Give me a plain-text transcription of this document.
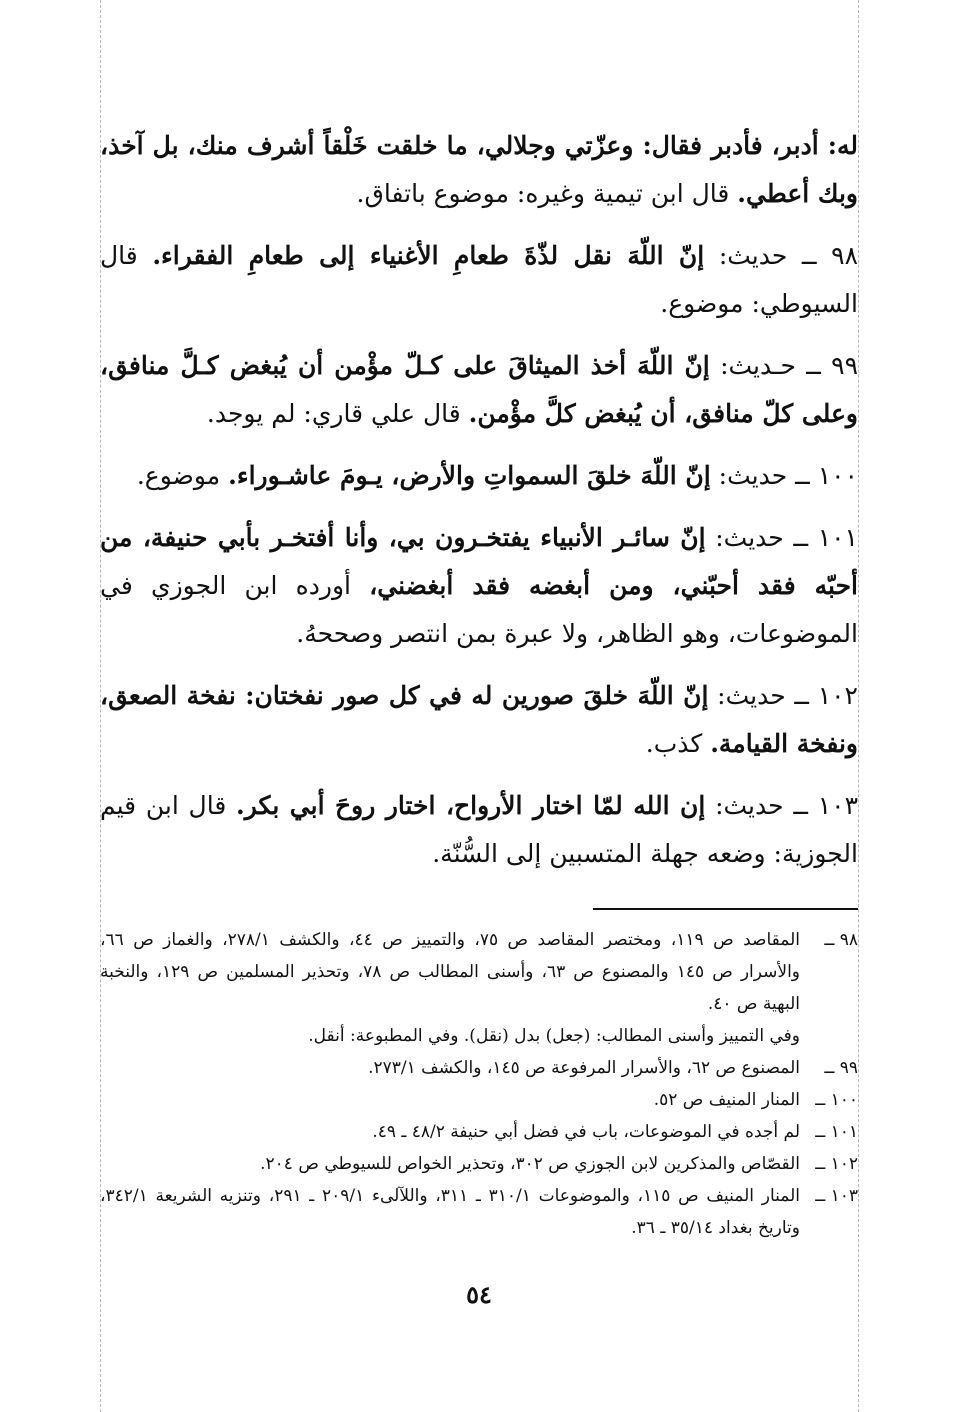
له: أدبر، فأدبر فقال: وعزّتي وجلالي، ما خلقت خَلْقاً أشرف منك، بل آخذ، وبك أعطي. قال ابن تيمية وغيره: موضوع باتفاق.

٩٨ ــ حديث: إنّ اللّهَ نقل لذّةَ طعامِ الأغنياء إلى طعامِ الفقراء. قال السيوطي: موضوع.

٩٩ ــ حـديث: إنّ اللّهَ أخذ الميثاقَ على كـلّ مؤْمن أن يُبغض كـلَّ منافق، وعلى كلّ منافق، أن يُبغض كلَّ مؤْمن. قال علي قاري: لم يوجد.

١٠٠ ــ حديث: إنّ اللّهَ خلقَ السمواتِ والأرض، يـومَ عاشـوراء. موضوع.

١٠١ ــ حديث: إنّ سائـر الأنبياء يفتخـرون بي، وأنا أفتخـر بأبي حنيفة، من أحبّه فقد أحبّني، ومن أبغضه فقد أبغضني، أورده ابن الجوزي في الموضوعات، وهو الظاهر، ولا عبرة بمن انتصر وصححهُ.

١٠٢ ــ حديث: إنّ اللّهَ خلقَ صورين له في كل صور نفختان: نفخة الصعق، ونفخة القيامة. كذب.

١٠٣ ــ حديث: إن الله لمّا اختار الأرواح، اختار روحَ أبي بكر. قال ابن قيم الجوزية: وضعه جهلة المتسبين إلى السُّنّة.

٩٨ ــ
المقاصد ص ١١٩، ومختصر المقاصد ص ٧٥، والتمييز ص ٤٤، والكشف ٢٧٨/١، والغماز ص ٦٦، والأسرار ص ١٤٥ والمصنوع ص ٦٣، وأسنى المطالب ص ٧٨، وتحذير المسلمين ص ١٢٩، والنخبة البهية ص ٤٠.
وفي التمييز وأسنى المطالب: (جعل) بدل (نقل). وفي المطبوعة: أنقل.
٩٩ ــ
المصنوع ص ٦٢، والأسرار المرفوعة ص ١٤٥، والكشف ٢٧٣/١.
١٠٠ ــ
المنار المنيف ص ٥٢.
١٠١ ــ
لم أجده في الموضوعات، باب في فضل أبي حنيفة ٤٨/٢ ـ ٤٩.
١٠٢ ــ
القصّاص والمذكرين لابن الجوزي ص ٣٠٢، وتحذير الخواص للسيوطي ص ٢٠٤.
١٠٣ ــ
المنار المنيف ص ١١٥، والموضوعات ٣١٠/١ ـ ٣١١، واللآلىء ٢٠٩/١ ـ ٢٩١، وتنزيه الشريعة ٣٤٢/١، وتاريخ بغداد ٣٥/١٤ ـ ٣٦.
٥٤
